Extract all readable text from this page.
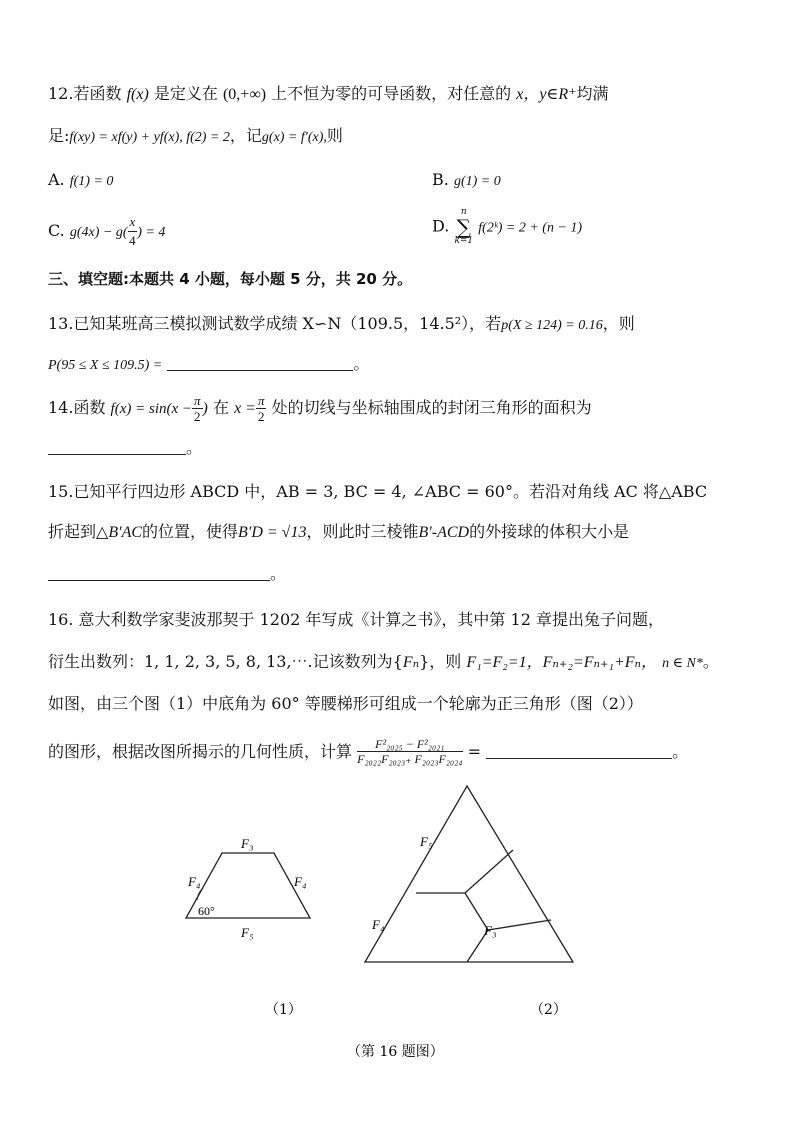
12.若函数 f(x) 是定义在 (0,+∞) 上不恒为零的可导函数，对任意的 x，y∈R⁺均满
足:f(xy) = xf(y) + yf(x), f(2) = 2，记g(x) = f′(x),则
A. f(1) = 0	B. g(1) = 0
C. $g(4x) - g( \frac{x}{4}$ ) = 4	D.
n
∑
k=1
f(2ᵏ) = 2 + (n − 1)
三、填空题:本题共 4 小题，每小题 5 分，共 20 分。
13.已知某班高三模拟测试数学成绩 X∽N（109.5，14.5²），若p(X ≥ 124) = 0.16，则
P(95 ≤ X ≤ 109.5) =	。
14.函数 $f(x) = \sin(x - \frac{\pi}{2}$ ) 在 $x = \frac{\pi}{2}$ 处的切线与坐标轴围成的封闭三角形的面积为
。
15.已知平行四边形 ABCD 中，AB = 3, BC = 4, ∠ABC = 60°。若沿对角线 AC 将△ABC
折起到△B′AC的位置，使得B′D = √13，则此时三棱锥B′-ACD的外接球的体积大小是
。
16. 意大利数学家斐波那契于 1202 年写成《计算之书》，其中第 12 章提出兔子问题，
衍生出数列：1, 1, 2, 3, 5, 8, 13,⋯.记该数列为{Fₙ}，则 F₁=F₂=1，Fₙ₊₂=Fₙ₊₁+Fₙ， n ∈ N*。
如图，由三个图（1）中底角为 60° 等腰梯形可组成一个轮廓为正三角形（图（2））
的图形，根据改图所揭示的几何性质，计算 $\frac{\text{F²₂₀₂₅ − F²₂₀₂₁}}{\text{F₂₀₂₂F₂₀₂₃₊ F₂₀₂₃F₂₀₂₄}}$ =	。
F₃
F₄	F₄
60°
F₅
F₅
F₄	F₃
（1）	（2）
（第 16 题图）
